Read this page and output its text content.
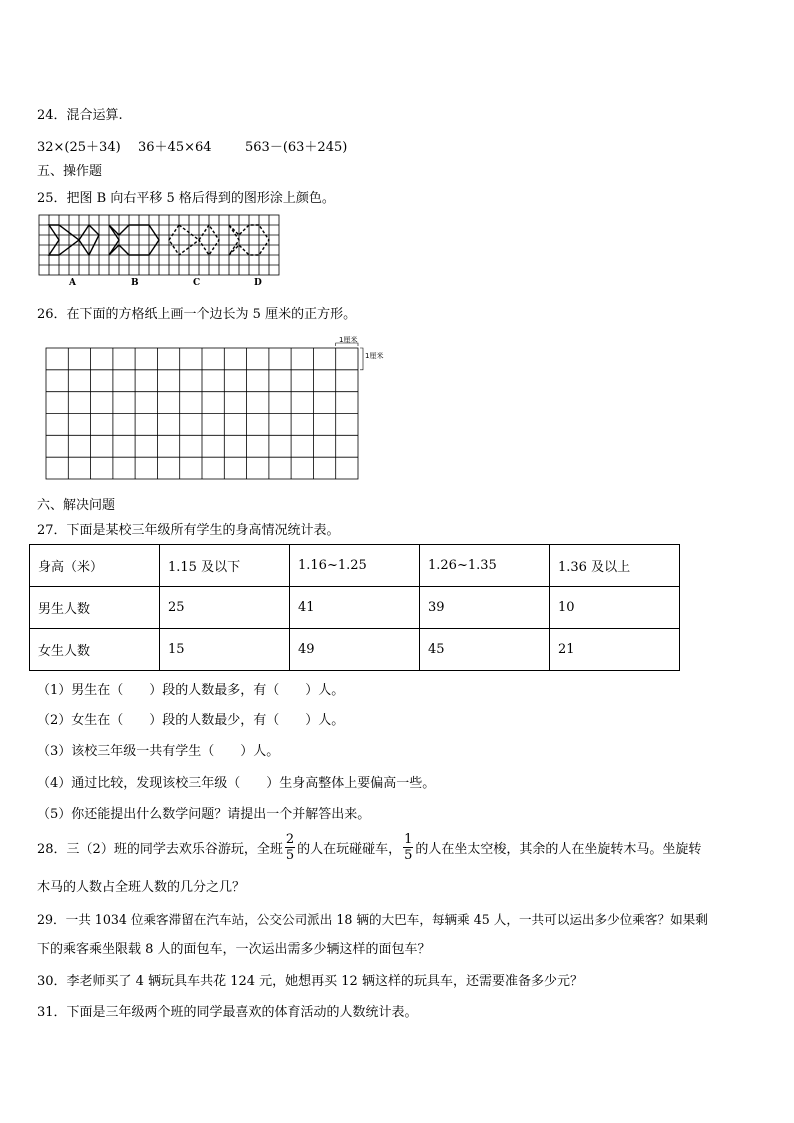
24．混合运算.
32×(25＋34) 36＋45×64	563－(63＋245)
五、操作题
25．把图 B 向右平移 5 格后得到的图形涂上颜色。
A	B	C	D
26．在下面的方格纸上画一个边长为 5 厘米的正方形。
1厘米
1厘米
六、解决问题
27．下面是某校三年级所有学生的身高情况统计表。
身高（米）	1.15 及以下	1.16~1.25	1.26~1.35	1.36 及以上
男生人数	25	41	39	10
女生人数	15	49	45	21
（1）男生在（　　）段的人数最多，有（　　）人。
（2）女生在（　　）段的人数最少，有（　　）人。
（3）该校三年级一共有学生（　　）人。
（4）通过比较，发现该校三年级（　　）生身高整体上要偏高一些。
（5）你还能提出什么数学问题？请提出一个并解答出来。
28．三（2）班的同学去欢乐谷游玩，全班 $\frac{2}{5}$ 的人在玩碰碰车， $\frac{1}{5}$ 的人在坐太空梭，其余的人在坐旋转木马。坐旋转
木马的人数占全班人数的几分之几？
29．一共 1034 位乘客滞留在汽车站，公交公司派出 18 辆的大巴车，每辆乘 45 人，一共可以运出多少位乘客？如果剩
下的乘客乘坐限载 8 人的面包车，一次运出需多少辆这样的面包车？
30．李老师买了 4 辆玩具车共花 124 元，她想再买 12 辆这样的玩具车，还需要准备多少元？
31．下面是三年级两个班的同学最喜欢的体育活动的人数统计表。
